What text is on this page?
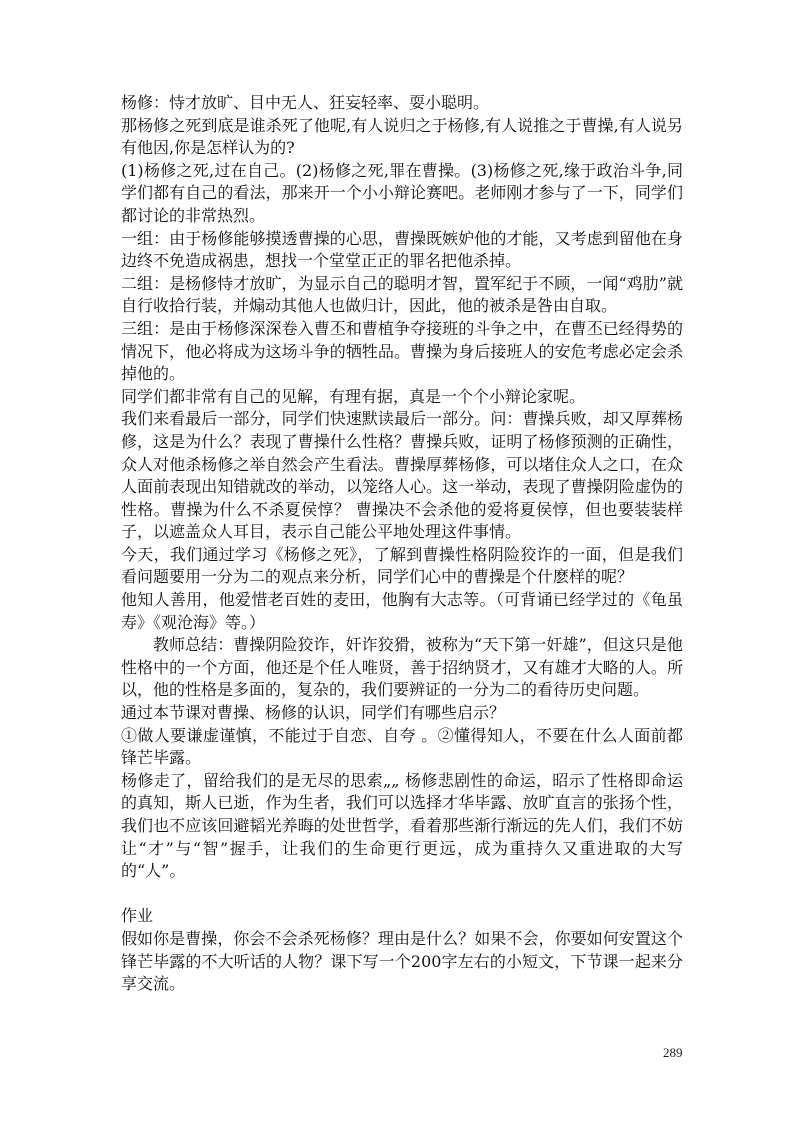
杨修：恃才放旷、目中无人、狂妄轻率、耍小聪明。

那杨修之死到底是谁杀死了他呢,有人说归之于杨修,有人说推之于曹操,有人说另有他因,你是怎样认为的?

(1)杨修之死,过在自己。(2)杨修之死,罪在曹操。(3)杨修之死,缘于政治斗争,同学们都有自己的看法，那来开一个小小辩论赛吧。老师刚才参与了一下，同学们都讨论的非常热烈。

一组：由于杨修能够摸透曹操的心思，曹操既嫉妒他的才能，又考虑到留他在身边终不免造成祸患，想找一个堂堂正正的罪名把他杀掉。

二组：是杨修恃才放旷，为显示自己的聪明才智，置军纪于不顾，一闻“鸡肋”就自行收拾行装，并煽动其他人也做归计，因此，他的被杀是咎由自取。

三组：是由于杨修深深卷入曹丕和曹植争夺接班的斗争之中，在曹丕已经得势的情况下，他必将成为这场斗争的牺牲品。曹操为身后接班人的安危考虑必定会杀掉他的。

同学们都非常有自己的见解，有理有据，真是一个个小辩论家呢。

我们来看最后一部分，同学们快速默读最后一部分。问：曹操兵败，却又厚葬杨修，这是为什么？表现了曹操什么性格？曹操兵败，证明了杨修预测的正确性，众人对他杀杨修之举自然会产生看法。曹操厚葬杨修，可以堵住众人之口，在众人面前表现出知错就改的举动，以笼络人心。这一举动，表现了曹操阴险虚伪的性格。曹操为什么不杀夏侯惇？ 曹操决不会杀他的爱将夏侯惇，但也要装装样子，以遮盖众人耳目，表示自己能公平地处理这件事情。

今天，我们通过学习《杨修之死》，了解到曹操性格阴险狡诈的一面，但是我们看问题要用一分为二的观点来分析，同学们心中的曹操是个什麽样的呢？

他知人善用，他爱惜老百姓的麦田，他胸有大志等。（可背诵已经学过的《龟虽寿》《观沧海》等。）

教师总结：曹操阴险狡诈，奸诈狡猾，被称为“天下第一奸雄”，但这只是他性格中的一个方面，他还是个任人唯贤，善于招纳贤才，又有雄才大略的人。所以，他的性格是多面的，复杂的，我们要辨证的一分为二的看待历史问题。

通过本节课对曹操、杨修的认识，同学们有哪些启示？

①做人要谦虚谨慎，不能过于自恋、自夸 。②懂得知人，不要在什么人面前都锋芒毕露。

杨修走了，留给我们的是无尽的思索„„ 杨修悲剧性的命运，昭示了性格即命运的真知，斯人已逝，作为生者，我们可以选择才华毕露、放旷直言的张扬个性，我们也不应该回避韬光养晦的处世哲学，看着那些渐行渐远的先人们，我们不妨让“才”与“智”握手，让我们的生命更行更远，成为重持久又重进取的大写的“人”。

作业

假如你是曹操，你会不会杀死杨修？理由是什么？如果不会，你要如何安置这个锋芒毕露的不大听话的人物？课下写一个200字左右的小短文，下节课一起来分享交流。

289
